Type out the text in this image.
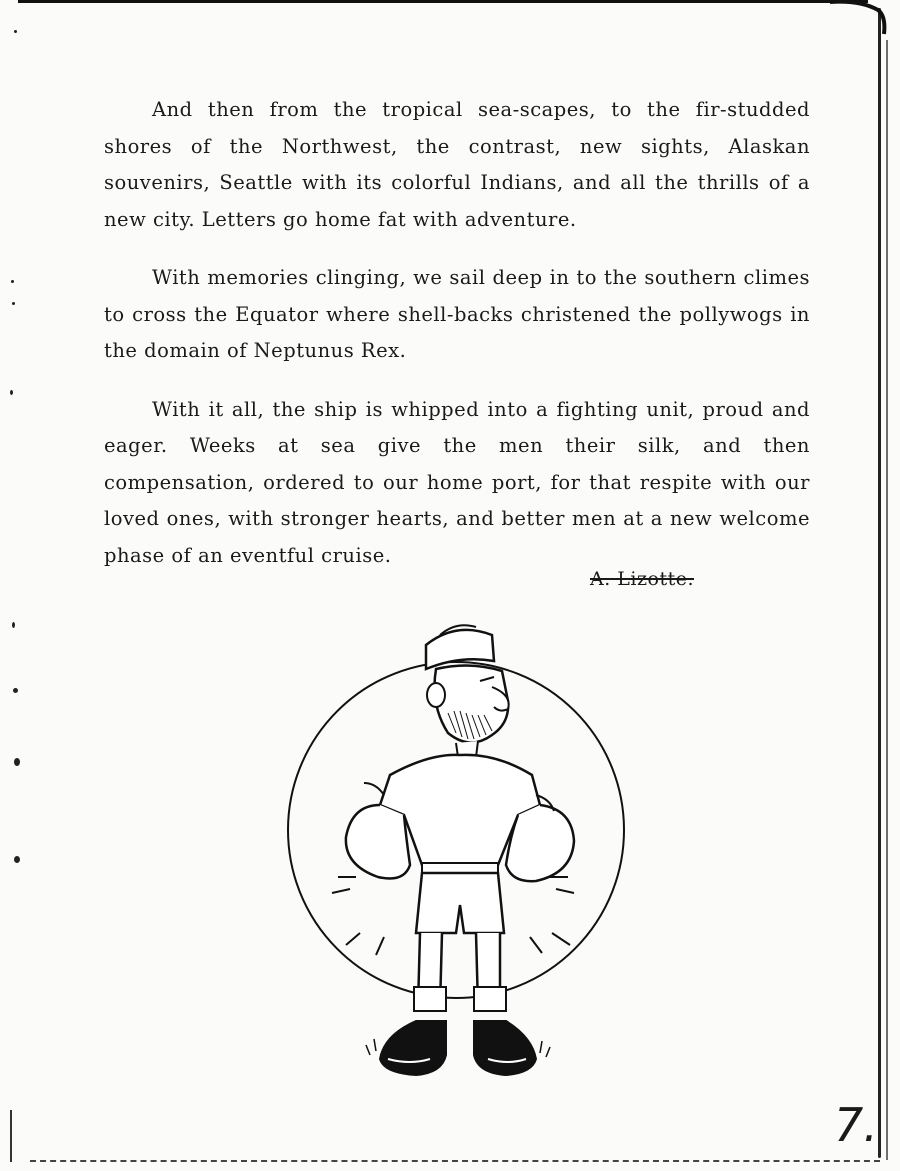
And then from the tropical sea-scapes, to the fir-studded shores of the Northwest, the contrast, new sights, Alaskan souvenirs, Seattle with its colorful Indians, and all the thrills of a new city. Letters go home fat with adventure.

With memories clinging, we sail deep in to the southern climes to cross the Equator where shell-backs christened the pollywogs in the domain of Neptunus Rex.

With it all, the ship is whipped into a fighting unit, proud and eager. Weeks at sea give the men their silk, and then compensation, ordered to our home port, for that respite with our loved ones, with stronger hearts, and better men at a new welcome phase of an eventful cruise.

A. Lizotte.
7.
